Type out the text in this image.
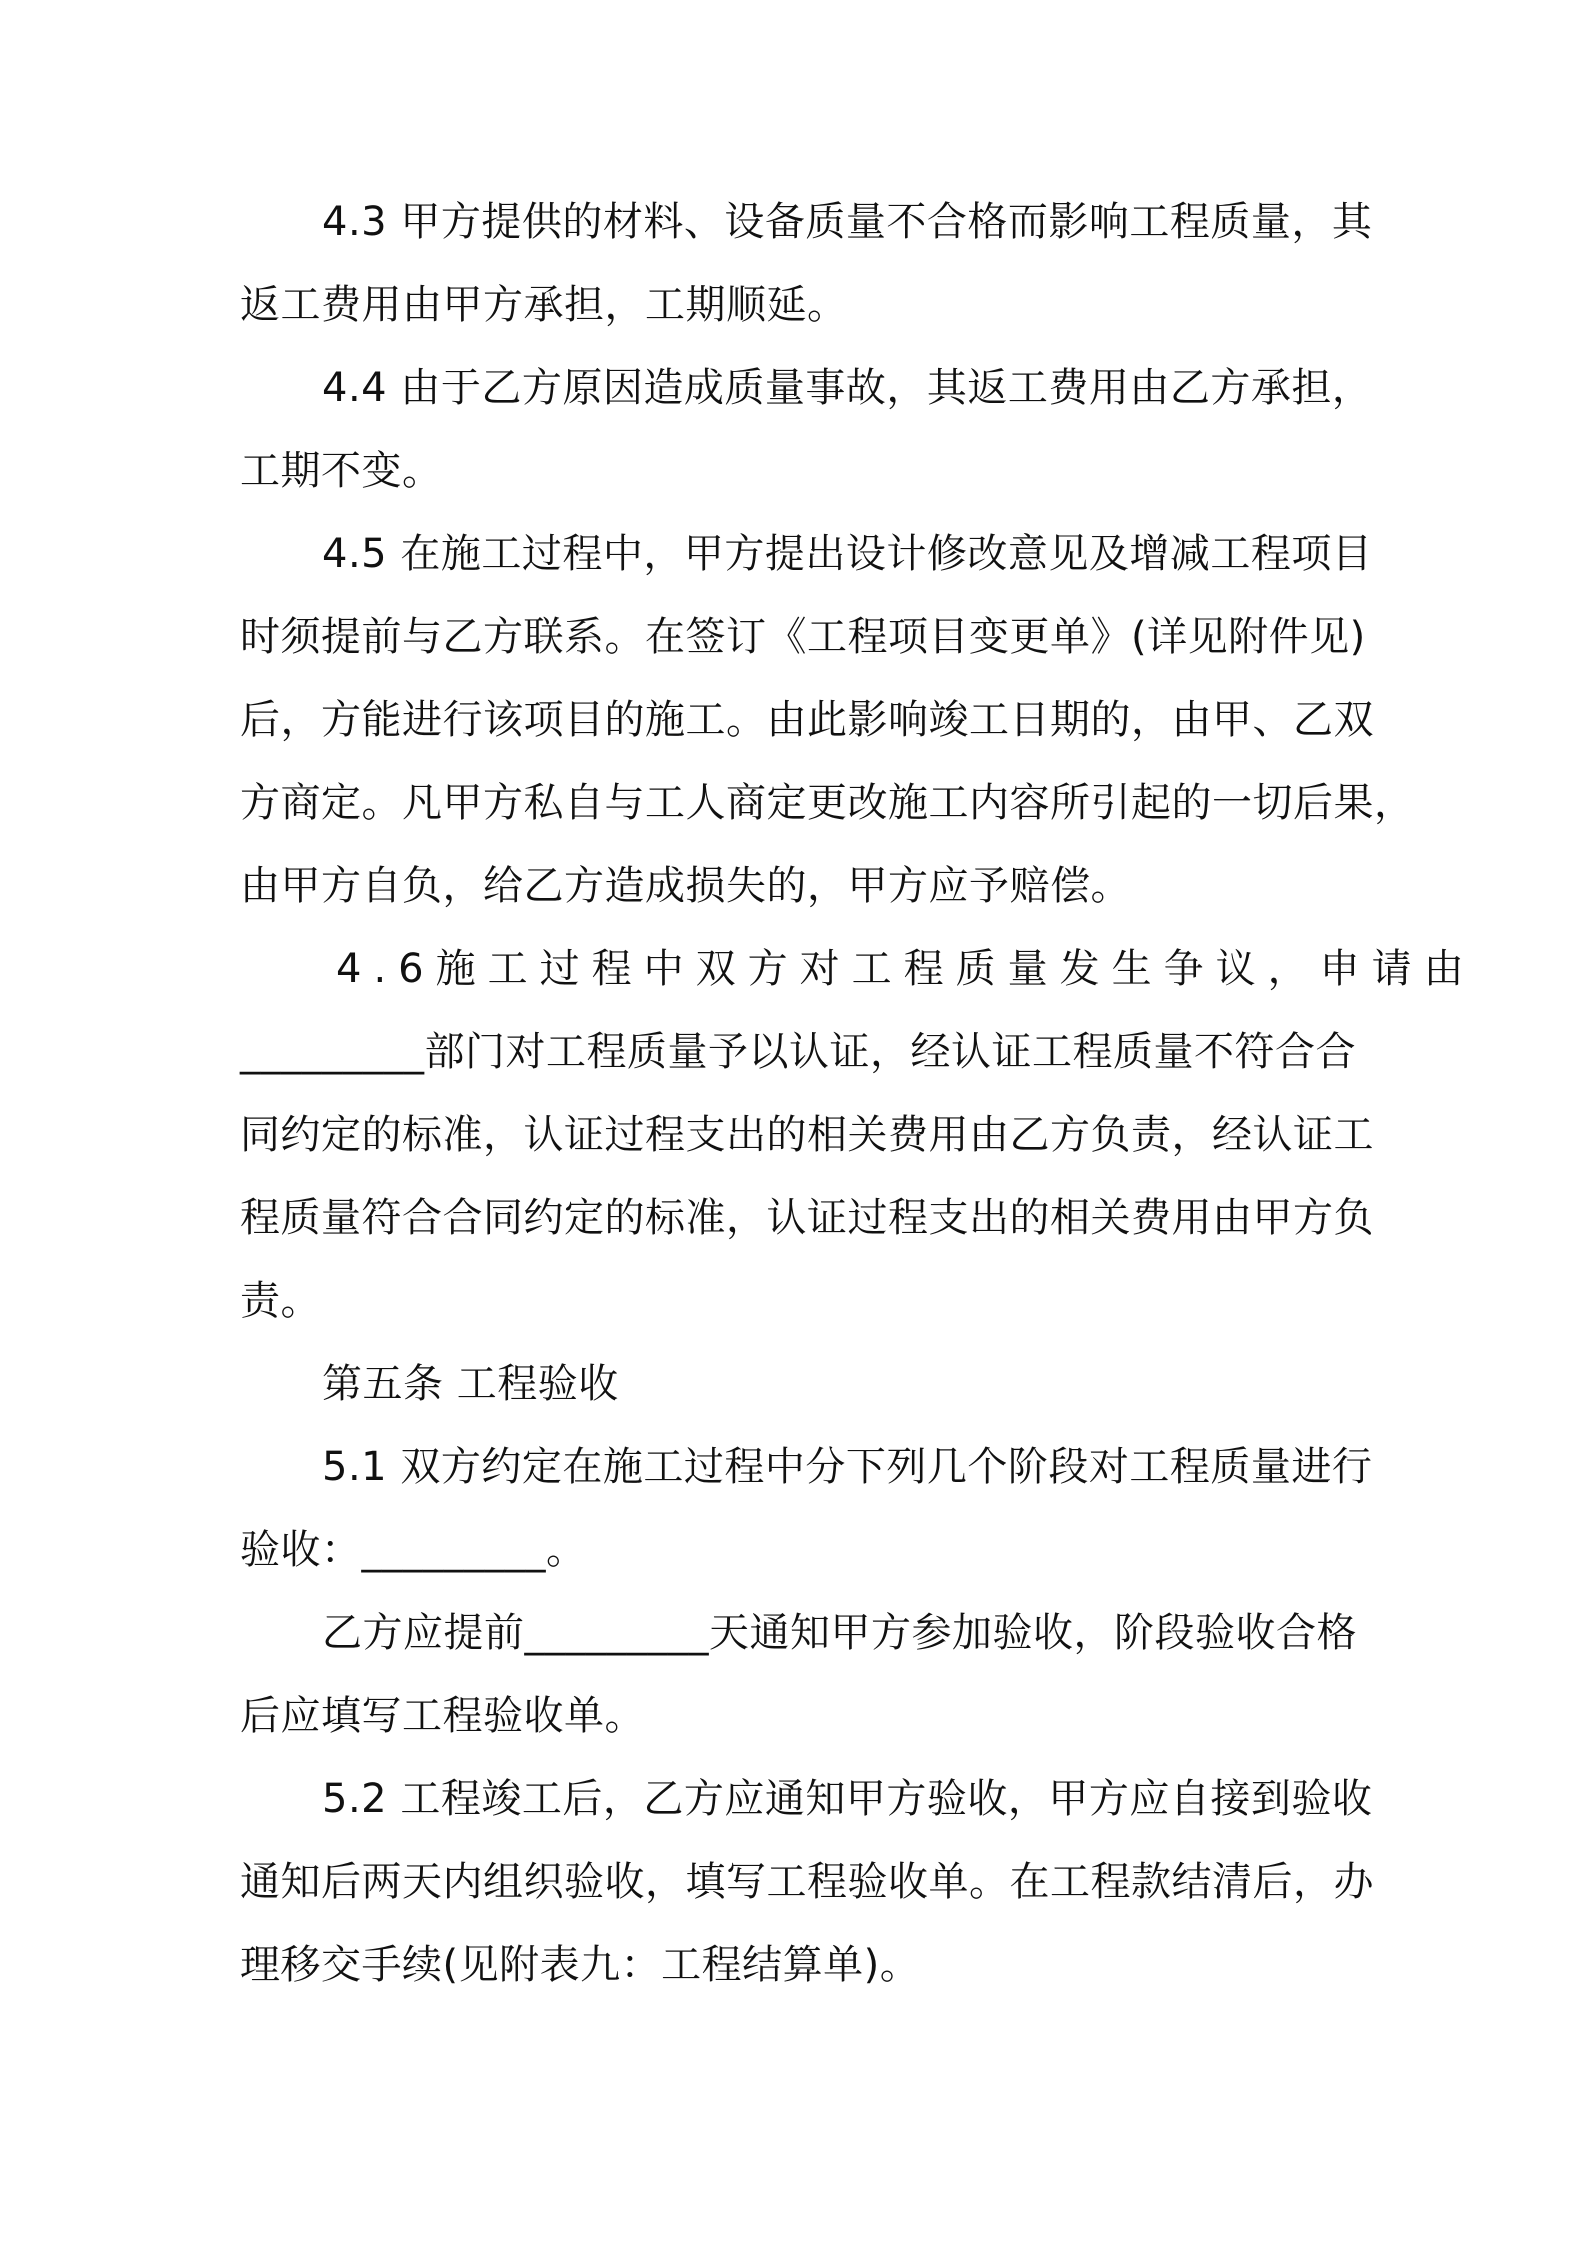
4.3 甲方提供的材料、设备质量不合格而影响工程质量，其
返工费用由甲方承担，工期顺延。
4.4 由于乙方原因造成质量事故，其返工费用由乙方承担，
工期不变。
4.5 在施工过程中，甲方提出设计修改意见及增减工程项目
时须提前与乙方联系。在签订《工程项目变更单》(详见附件见)
后，方能进行该项目的施工。由此影响竣工日期的，由甲、乙双
方商定。凡甲方私自与工人商定更改施工内容所引起的一切后果，
由甲方自负，给乙方造成损失的，甲方应予赔偿。
4.6施工过程中双方对工程质量发生争议，申请由
_________部门对工程质量予以认证，经认证工程质量不符合合
同约定的标准，认证过程支出的相关费用由乙方负责，经认证工
程质量符合合同约定的标准，认证过程支出的相关费用由甲方负
责。
第五条 工程验收
5.1 双方约定在施工过程中分下列几个阶段对工程质量进行
验收：_________。
乙方应提前_________天通知甲方参加验收，阶段验收合格
后应填写工程验收单。
5.2 工程竣工后，乙方应通知甲方验收，甲方应自接到验收
通知后两天内组织验收，填写工程验收单。在工程款结清后，办
理移交手续(见附表九：工程结算单)。
